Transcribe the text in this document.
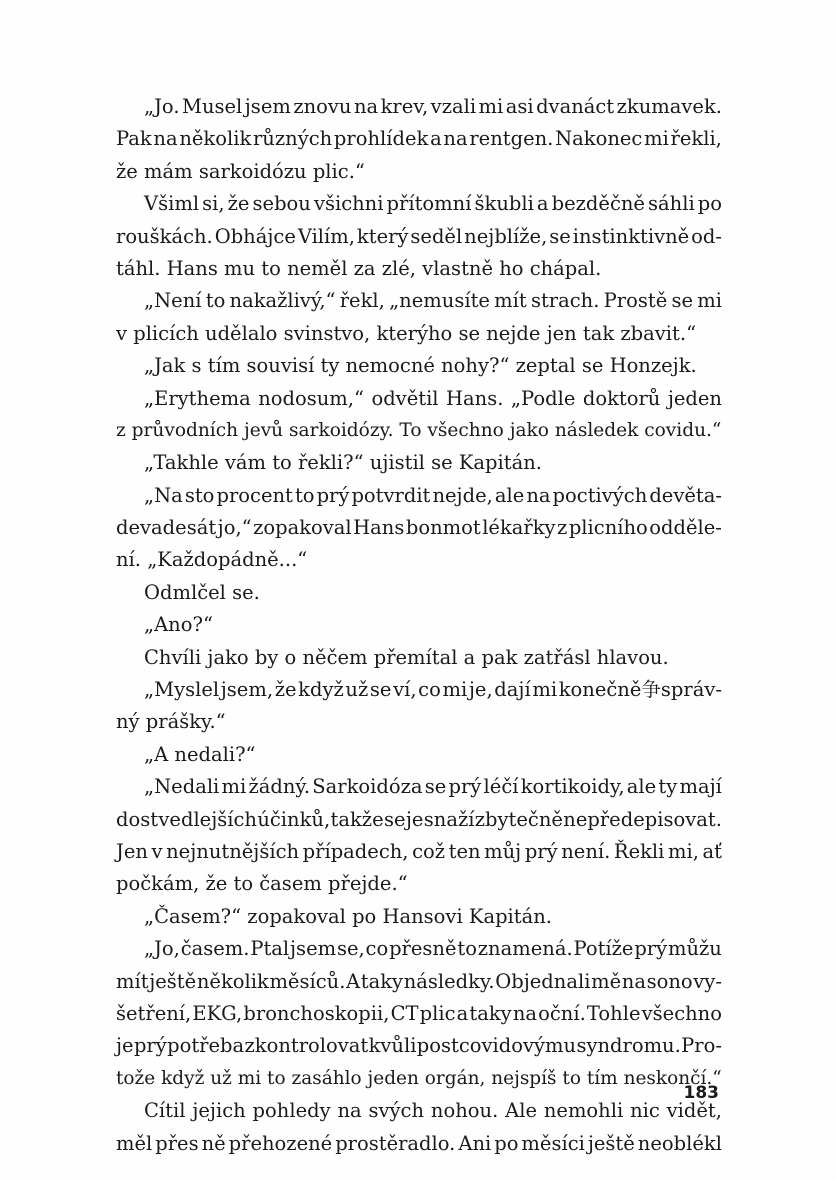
„Jo. Musel jsem znovu na krev, vzali mi asi dvanáct zkumavek.
Pak na několik různých prohlídek a na rentgen. Nakonec mi řekli,
že mám sarkoidózu plic.“
Všiml si, že sebou všichni přítomní škubli a bezděčně sáhli po
rouškách. Obhájce Vilím, který seděl nejblíže, se instinktivně od-
táhl. Hans mu to neměl za zlé, vlastně ho chápal.
„Není to nakažlivý,“ řekl, „nemusíte mít strach. Prostě se mi
v plicích udělalo svinstvo, kterýho se nejde jen tak zbavit.“
„Jak s tím souvisí ty nemocné nohy?“ zeptal se Honzejk.
„Erythema nodosum,“ odvětil Hans. „Podle doktorů jeden
z průvodních jevů sarkoidózy. To všechno jako následek covidu.“
„Takhle vám to řekli?“ ujistil se Kapitán.
„Na sto procent to prý potvrdit nejde, ale na poctivých devěta-
devadesát jo,“ zopakoval Hans bonmot lékařky z plicního odděle-
ní. „Každopádně...“
Odmlčel se.
„Ano?“
Chvíli jako by o něčem přemítal a pak zatřásl hlavou.
„Myslel jsem, že když už se ví, co mi je, dají mi konečně争správ-
ný prášky.“
„A nedali?“
„Nedali mi žádný. Sarkoidóza se prý léčí kortikoidy, ale ty mají
dost vedlejších účinků, takže se je snaží zbytečně nepředepisovat.
Jen v nejnutnějších případech, což ten můj prý není. Řekli mi, ať
počkám, že to časem přejde.“
„Časem?“ zopakoval po Hansovi Kapitán.
„Jo, časem. Ptal jsem se, co přesně to znamená. Potíže prý můžu
mít ještě několik měsíců. A taky následky. Objednali mě na sono vy-
šetření, EKG, bronchoskopii, CT plic a taky na oční. Tohle všechno
je prý potřeba zkontrolovat kvůli postcovidovýmu syndromu. Pro-
tože když už mi to zasáhlo jeden orgán, nejspíš to tím neskončí.“
Cítil jejich pohledy na svých nohou. Ale nemohli nic vidět,
měl přes ně přehozené prostěradlo. Ani po měsíci ještě neoblékl
183
